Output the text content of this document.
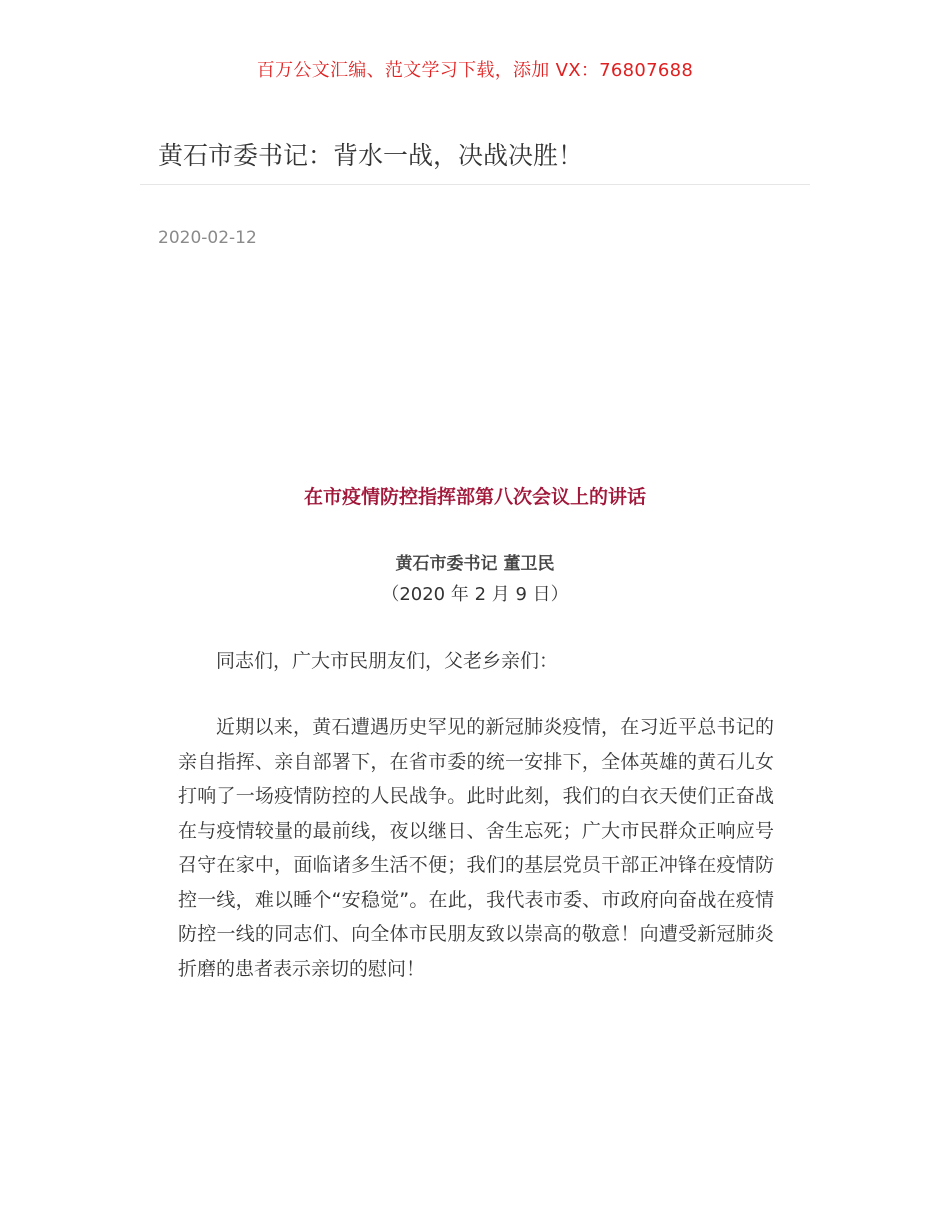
百万公文汇编、范文学习下载，添加 VX：76807688
黄石市委书记：背水一战，决战决胜！
2020-02-12
在市疫情防控指挥部第八次会议上的讲话
黄石市委书记 董卫民
（2020 年 2 月 9 日）

同志们，广大市民朋友们，父老乡亲们：

近期以来，黄石遭遇历史罕见的新冠肺炎疫情，在习近平总书记的亲自指挥、亲自部署下，在省市委的统一安排下，全体英雄的黄石儿女打响了一场疫情防控的人民战争。此时此刻，我们的白衣天使们正奋战在与疫情较量的最前线，夜以继日、舍生忘死；广大市民群众正响应号召守在家中，面临诸多生活不便；我们的基层党员干部正冲锋在疫情防控一线，难以睡个“安稳觉”。在此，我代表市委、市政府向奋战在疫情防控一线的同志们、向全体市民朋友致以崇高的敬意！向遭受新冠肺炎折磨的患者表示亲切的慰问！
